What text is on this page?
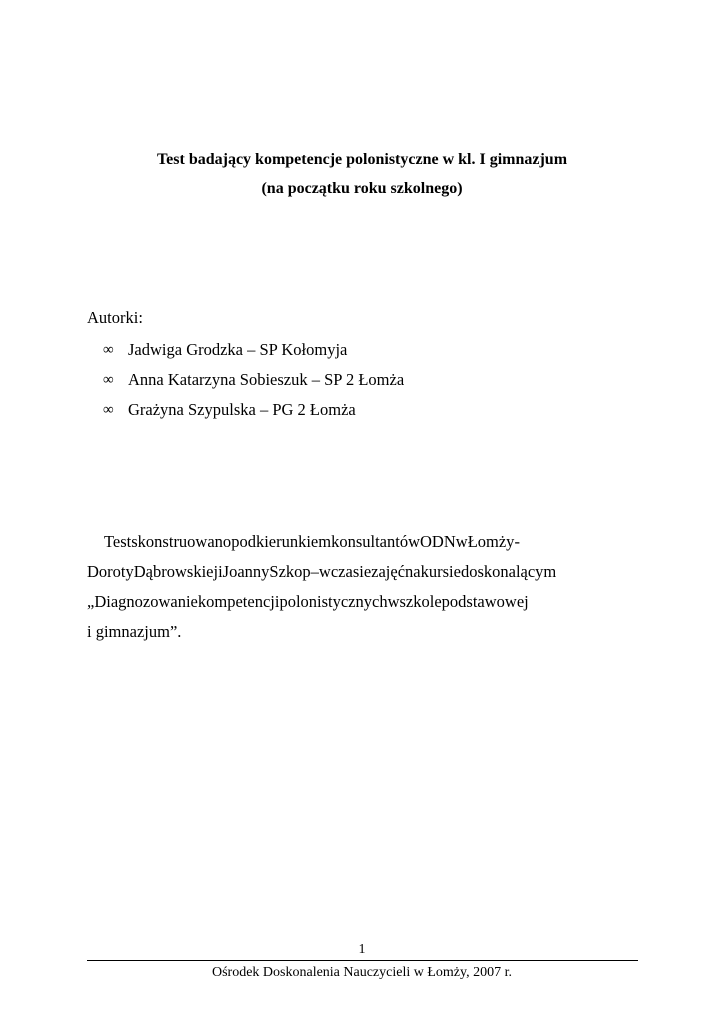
Test badający kompetencje polonistyczne w kl. I gimnazjum
(na początku roku szkolnego)
Autorki:
∞ Jadwiga Grodzka – SP Kołomyja
∞ Anna Katarzyna Sobieszuk – SP 2 Łomża
∞ Grażyna Szypulska – PG 2 Łomża
TestskonstruowanopodkierunkiemkonsultantówODNwŁomży-
DorotyDąbrowskiejiJoannySzkop–wczasiezajęćnakursiedoskonalącym
„Diagnozowaniekompetencjipolonistycznychwszkolepodstawowej
i gimnazjum”.
1
Ośrodek Doskonalenia Nauczycieli w Łomży, 2007 r.
